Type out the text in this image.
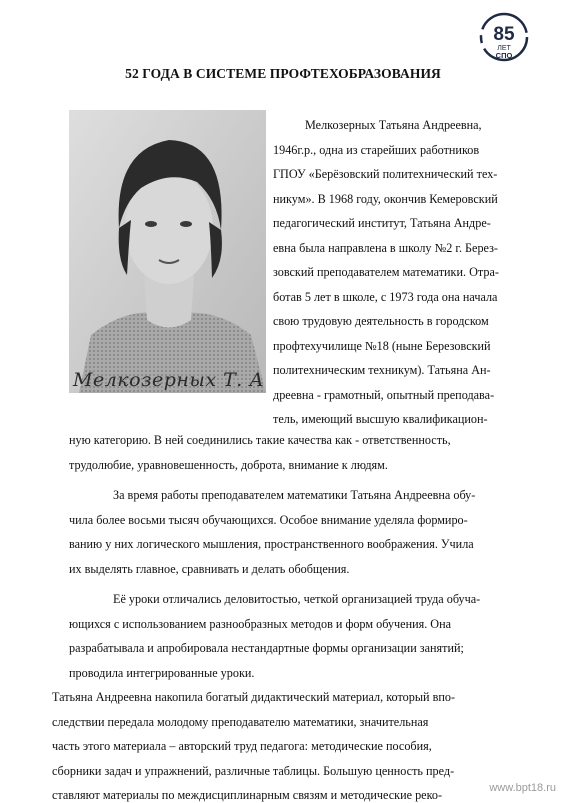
85
ЛЕТ
СПО
52 ГОДА В СИСТЕМЕ ПРОФТЕХОБРАЗОВАНИЯ
Мелкозерных Т. А
Мелкозерных Татьяна Андреевна,
1946г.р., одна из старейших работников
ГПОУ «Берёзовский политехнический тех-
никум». В 1968 году, окончив Кемеровский
педагогический институт, Татьяна Андре-
евна была направлена в школу №2 г. Берез-
зовский преподавателем математики. Отра-
ботав 5 лет в школе, с 1973 года она начала
свою трудовую деятельность в городском
профтехучилище №18 (ныне Березовский
политехническим техникум). Татьяна Ан-
дреевна - грамотный, опытный преподава-
тель, имеющий высшую квалификацион-
ную категорию. В ней соединились такие качества как - ответственность,
трудолюбие, уравновешенность, доброта, внимание к людям.
За время работы преподавателем математики Татьяна Андреевна обу-
чила более восьми тысяч обучающихся. Особое внимание уделяла формиро-
ванию у них логического мышления, пространственного воображения. Учила
их выделять главное, сравнивать и делать обобщения.
Её уроки отличались деловитостью, четкой организацией труда обуча-
ющихся с использованием разнообразных методов и форм обучения. Она
разрабатывала и апробировала нестандартные формы организации занятий;
проводила интегрированные уроки.
Татьяна Андреевна накопила богатый дидактический материал, который впо-
следствии передала молодому преподавателю математики, значительная
часть этого материала – авторский труд педагога: методические пособия,
сборники задач и упражнений, различные таблицы. Большую ценность пред-
ставляют материалы по междисциплинарным связям и методические реко-	www.bpt18.ru
